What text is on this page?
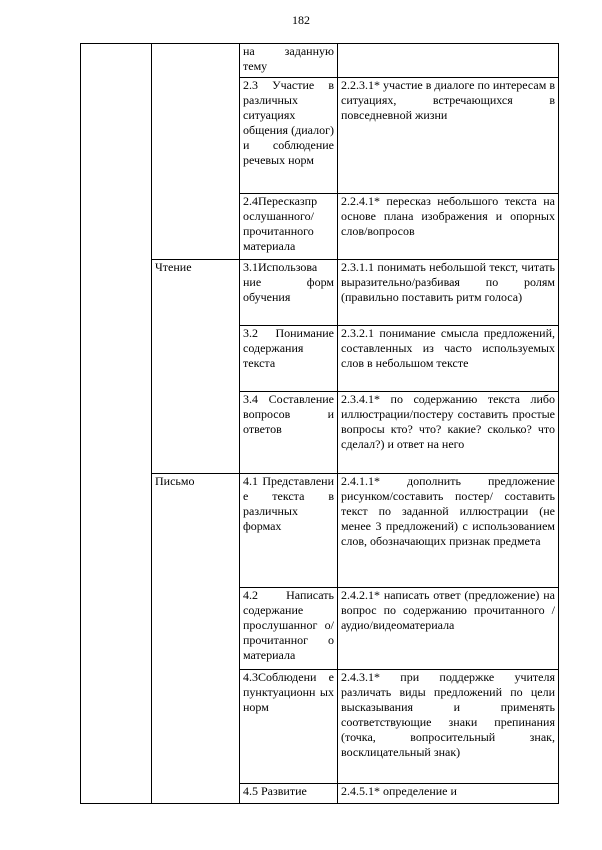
182
		на заданную тему	
		2.3 Участие в различных ситуациях общения (диалог) и соблюдение речевых норм	2.2.3.1* участие в диалоге по интересам в ситуациях, встречающихся в повседневной жизни
		2.4Пересказпр ослушанного/ прочитанного материала	2.2.4.1* пересказ небольшого текста на основе плана изображения и опорных слов/вопросов
	Чтение	3.1Использова ние форм обучения	2.3.1.1 понимать небольшой текст, читать выразительно/разбивая по ролям (правильно поставить ритм голоса)
		3.2 Понимание содержания текста	2.3.2.1 понимание смысла предложений, составленных из часто используемых слов в небольшом тексте
		3.4 Составление вопросов и ответов	2.3.4.1* по содержанию текста либо иллюстрации/постеру составить простые вопросы кто? что? какие? сколько? что сделал?) и ответ на него
	Письмо	4.1 Представлени е текста в различных формах	2.4.1.1* дополнить предложение рисунком/составить постер/ составить текст по заданной иллюстрации (не менее 3 предложений) с использованием слов, обозначающих признак предмета
		4.2 Написать содержание прослушанног о/прочитанног о материала	2.4.2.1* написать ответ (предложение) на вопрос по содержанию прочитанного / аудио/видеоматериала
		4.3Соблюдени е пунктуационн ых норм	2.4.3.1* при поддержке учителя различать виды предложений по цели высказывания и применять соответствующие знаки препинания (точка, вопросительный знак, восклицательный знак)
		4.5 Развитие	2.4.5.1* определение и
